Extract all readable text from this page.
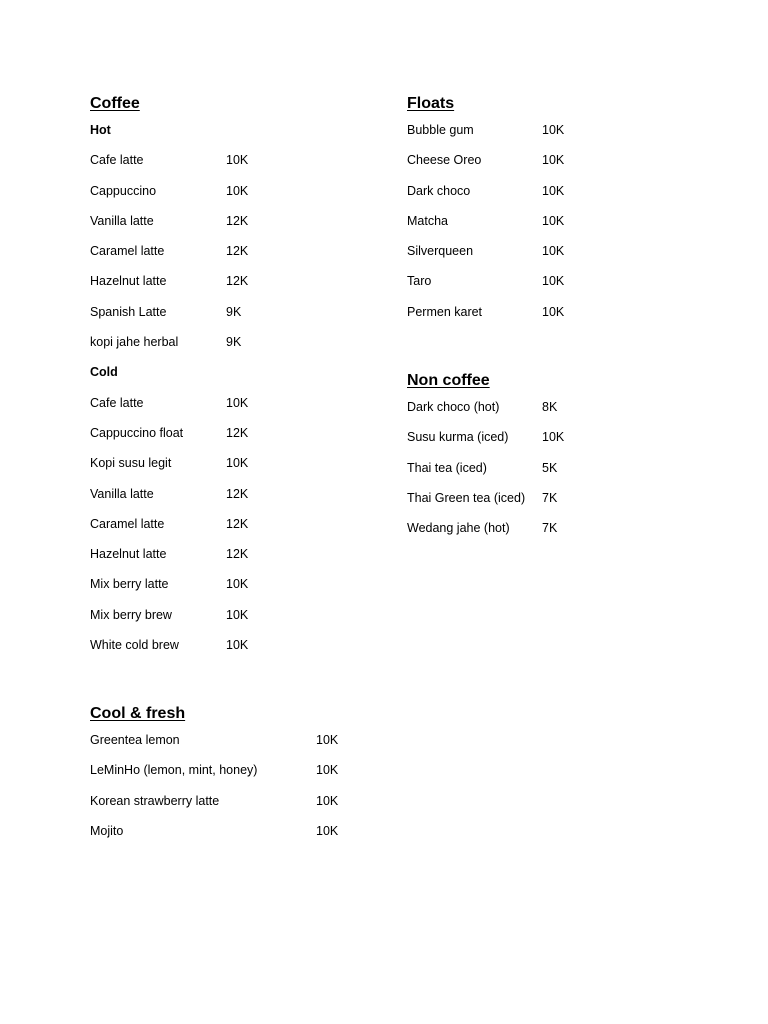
Coffee
Hot
Cafe latte	10K
Cappuccino	10K
Vanilla latte	12K
Caramel latte	12K
Hazelnut latte	12K
Spanish Latte	9K
kopi jahe herbal	9K
Cold
Cafe latte	10K
Cappuccino float	12K
Kopi susu legit	10K
Vanilla latte	12K
Caramel latte	12K
Hazelnut latte	12K
Mix berry latte	10K
Mix berry brew	10K
White cold brew	10K
Floats
Bubble gum	10K
Cheese Oreo	10K
Dark choco	10K
Matcha	10K
Silverqueen	10K
Taro	10K
Permen karet	10K
Non coffee
Dark choco (hot)	8K
Susu kurma (iced)	10K
Thai tea (iced)	5K
Thai Green tea (iced)	7K
Wedang jahe (hot)	7K
Cool & fresh
Greentea lemon	10K
LeMinHo (lemon, mint, honey)	10K
Korean strawberry latte	10K
Mojito	10K
